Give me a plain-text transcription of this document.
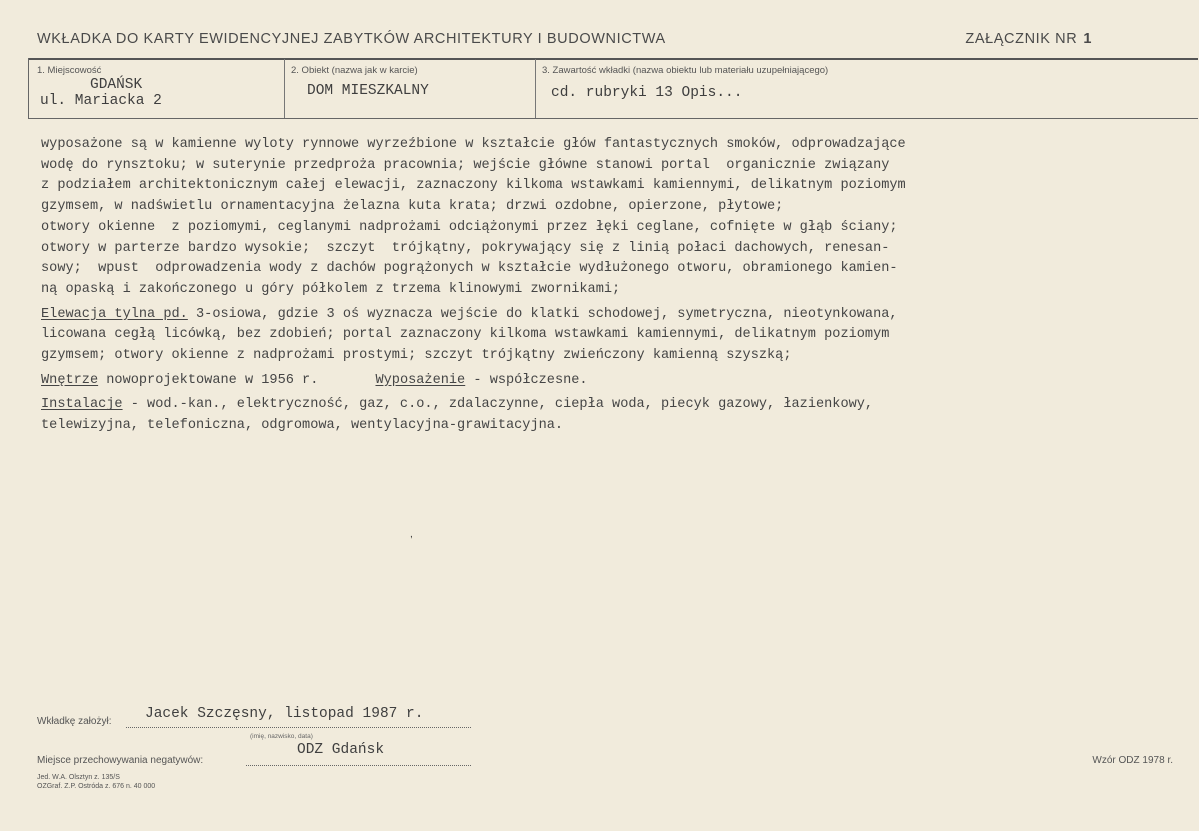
WKŁADKA DO KARTY EWIDENCYJNEJ ZABYTKÓW ARCHITEKTURY I BUDOWNICTWA	ZAŁĄCZNIK NR 1
1. Miejscowość
GDAŃSK
ul. Mariacka 2
2. Obiekt (nazwa jak w karcie)
DOM MIESZKALNY
3. Zawartość wkładki (nazwa obiektu lub materiału uzupełniającego)
cd. rubryki 13 Opis...
wyposażone są w kamienne wyloty rynnowe wyrzeźbione w kształcie głów fantastycznych smoków, odprowadzające
wodę do rynsztoku; w suterynie przedproża pracownia; wejście główne stanowi portal  organicznie związany
z podziałem architektonicznym całej elewacji, zaznaczony kilkoma wstawkami kamiennymi, delikatnym poziomym
gzymsem, w nadświetlu ornamentacyjna żelazna kuta krata; drzwi ozdobne, opierzone, płytowe;
otwory okienne  z poziomymi, ceglanymi nadprożami odciążonymi przez łęki ceglane, cofnięte w głąb ściany;
otwory w parterze bardzo wysokie;  szczyt  trójkątny, pokrywający się z linią połaci dachowych, renesan-
sowy;  wpust  odprowadzenia wody z dachów pogrążonych w kształcie wydłużonego otworu, obramionego kamien-
ną opaską i zakończonego u góry półkolem z trzema klinowymi zwornikami;
Elewacja tylna pd. 3-osiowa, gdzie 3 oś wyznacza wejście do klatki schodowej, symetryczna, nieotynkowana,
licowana cegłą licówką, bez zdobień; portal zaznaczony kilkoma wstawkami kamiennymi, delikatnym poziomym
gzymsem; otwory okienne z nadprożami prostymi; szczyt trójkątny zwieńczony kamienną szyszką;
Wnętrze nowoprojektowane w 1956 r.	Wyposażenie - współczesne.
Instalacje - wod.-kan., elektryczność, gaz, c.o., zdalaczynne, ciepła woda, piecyk gazowy, łazienkowy,
telewizyjna, telefoniczna, odgromowa, wentylacyjna-grawitacyjna.
,
Wkładkę założył: Jacek Szczęsny, listopad 1987 r.
(imię, nazwisko, data)
ODZ Gdańsk
Miejsce przechowywania negatywów:
Jed. W.A. Olsztyn z. 135/S
OZGraf. Z.P. Ostróda z. 676 n. 40 000
Wzór ODZ 1978 r.
